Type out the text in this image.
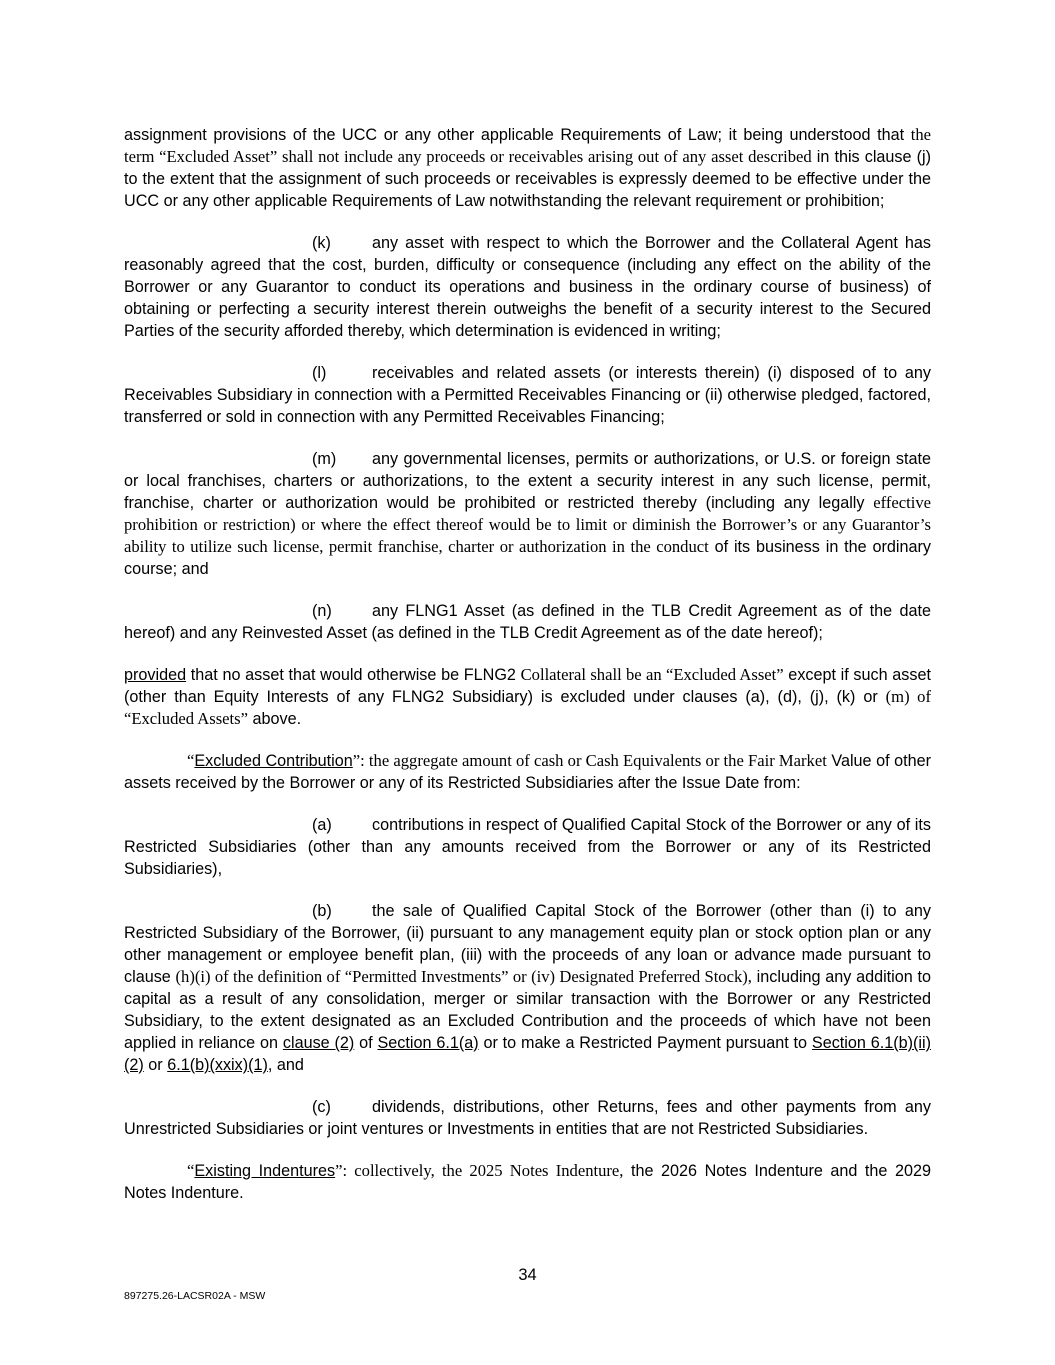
assignment provisions of the UCC or any other applicable Requirements of Law; it being understood that the term “Excluded Asset” shall not include any proceeds or receivables arising out of any asset described in this clause (j) to the extent that the assignment of such proceeds or receivables is expressly deemed to be effective under the UCC or any other applicable Requirements of Law notwithstanding the relevant requirement or prohibition;

(k)	any asset with respect to which the Borrower and the Collateral Agent has reasonably agreed that the cost, burden, difficulty or consequence (including any effect on the ability of the Borrower or any Guarantor to conduct its operations and business in the ordinary course of business) of obtaining or perfecting a security interest therein outweighs the benefit of a security interest to the Secured Parties of the security afforded thereby, which determination is evidenced in writing;

(l)	receivables and related assets (or interests therein) (i) disposed of to any Receivables Subsidiary in connection with a Permitted Receivables Financing or (ii) otherwise pledged, factored, transferred or sold in connection with any Permitted Receivables Financing;

(m) any governmental licenses, permits or authorizations, or U.S. or foreign state or local franchises, charters or authorizations, to the extent a security interest in any such license, permit, franchise, charter or authorization would be prohibited or restricted thereby (including any legally effective prohibition or restriction) or where the effect thereof would be to limit or diminish the Borrower’s or any Guarantor’s ability to utilize such license, permit franchise, charter or authorization in the conduct of its business in the ordinary course; and

(n) any FLNG1 Asset (as defined in the TLB Credit Agreement as of the date hereof) and any Reinvested Asset (as defined in the TLB Credit Agreement as of the date hereof);

provided that no asset that would otherwise be FLNG2 Collateral shall be an “Excluded Asset” except if such asset (other than Equity Interests of any FLNG2 Subsidiary) is excluded under clauses (a), (d), (j), (k) or (m) of “Excluded Assets” above.

“Excluded Contribution”: the aggregate amount of cash or Cash Equivalents or the Fair Market Value of other assets received by the Borrower or any of its Restricted Subsidiaries after the Issue Date from:

(a) contributions in respect of Qualified Capital Stock of the Borrower or any of its Restricted Subsidiaries (other than any amounts received from the Borrower or any of its Restricted Subsidiaries),

(b) the sale of Qualified Capital Stock of the Borrower (other than (i) to any Restricted Subsidiary of the Borrower, (ii) pursuant to any management equity plan or stock option plan or any other management or employee benefit plan, (iii) with the proceeds of any loan or advance made pursuant to clause (h)(i) of the definition of “Permitted Investments” or (iv) Designated Preferred Stock), including any addition to capital as a result of any consolidation, merger or similar transaction with the Borrower or any Restricted Subsidiary, to the extent designated as an Excluded Contribution and the proceeds of which have not been applied in reliance on clause (2) of Section 6.1(a) or to make a Restricted Payment pursuant to Section 6.1(b)(ii)(2) or 6.1(b)(xxix)(1), and

(c)	dividends, distributions, other Returns, fees and other payments from any Unrestricted Subsidiaries or joint ventures or Investments in entities that are not Restricted Subsidiaries.

“Existing Indentures”: collectively, the 2025 Notes Indenture, the 2026 Notes Indenture and the 2029 Notes Indenture.

34
897275.26-LACSR02A - MSW
